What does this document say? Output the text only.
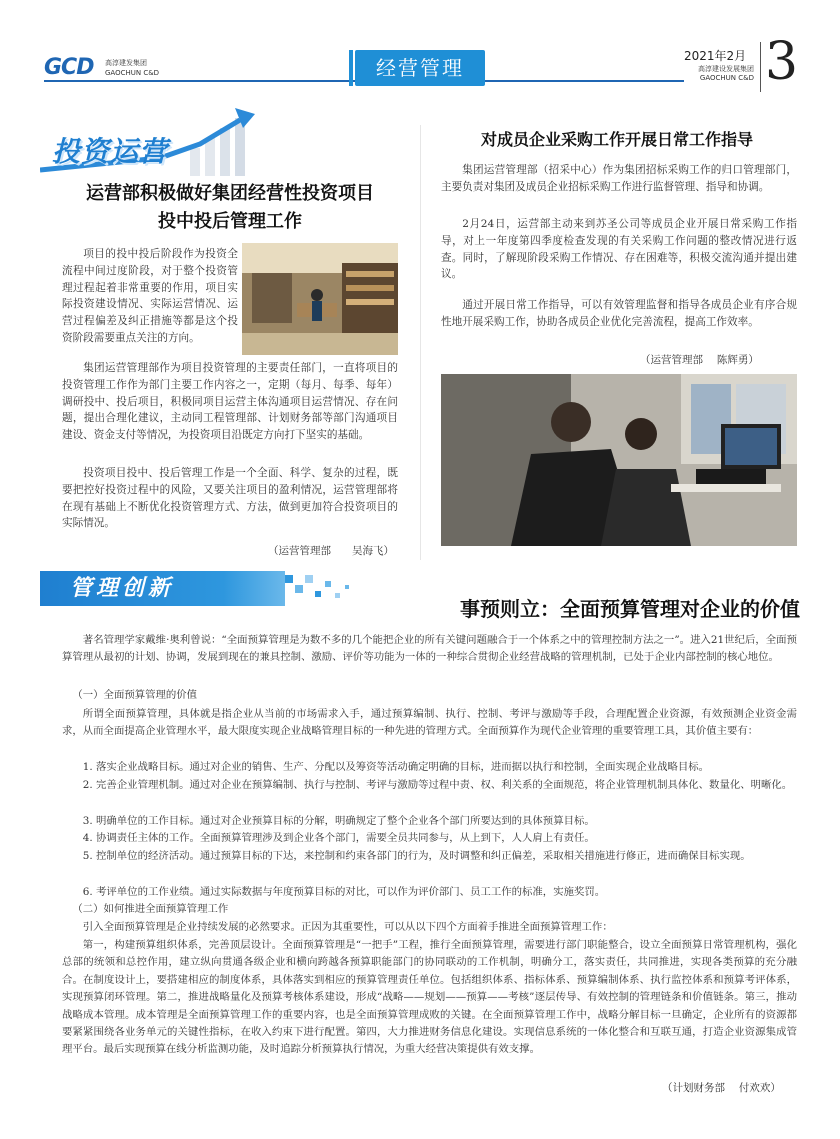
GCD 高淳建发集团
GAOCHUN C&D	经营管理	2021年2月
高淳建设发展集团
GAOCHUN C&D 3
投资运营
运营部积极做好集团经营性投资项目
投中投后管理工作
项目的投中投后阶段作为投资全流程中间过度阶段，对于整个投资管理过程起着非常重要的作用，项目实际投资建设情况、实际运营情况、运营过程偏差及纠正措施等都是这个投资阶段需要重点关注的方向。
集团运营管理部作为项目投资管理的主要责任部门，一直将项目的投资管理工作作为部门主要工作内容之一，定期（每月、每季、每年）调研投中、投后项目，积极同项目运营主体沟通项目运营情况、存在问题，提出合理化建议，主动同工程管理部、计划财务部等部门沟通项目建设、资金支付等情况，为投资项目沿既定方向打下坚实的基础。
投资项目投中、投后管理工作是一个全面、科学、复杂的过程，既要把控好投资过程中的风险，又要关注项目的盈利情况，运营管理部将在现有基础上不断优化投资管理方式、方法，做到更加符合投资项目的实际情况。
（运营管理部　　吴海飞）
对成员企业采购工作开展日常工作指导
集团运营管理部（招采中心）作为集团招标采购工作的归口管理部门，主要负责对集团及成员企业招标采购工作进行监督管理、指导和协调。
2月24日，运营部主动来到苏圣公司等成员企业开展日常采购工作指导，对上一年度第四季度检查发现的有关采购工作问题的整改情况进行返查。同时，了解现阶段采购工作情况、存在困难等，积极交流沟通并提出建议。
通过开展日常工作指导，可以有效管理监督和指导各成员企业有序合规性地开展采购工作，协助各成员企业优化完善流程，提高工作效率。
（运营管理部　 陈辉勇）
管理创新
事预则立：全面预算管理对企业的价值
著名管理学家戴维·奥利曾说：“全面预算管理是为数不多的几个能把企业的所有关键问题融合于一个体系之中的管理控制方法之一”。进入21世纪后，全面预算管理从最初的计划、协调，发展到现在的兼具控制、激励、评价等功能为一体的一种综合贯彻企业经营战略的管理机制，已处于企业内部控制的核心地位。
（一）全面预算管理的价值
所谓全面预算管理，具体就是指企业从当前的市场需求入手，通过预算编制、执行、控制、考评与激励等手段，合理配置企业资源，有效预测企业资金需求，从而全面提高企业管理水平，最大限度实现企业战略管理目标的一种先进的管理方式。全面预算作为现代企业管理的重要管理工具，其价值主要有：
1. 落实企业战略目标。通过对企业的销售、生产、分配以及筹资等活动确定明确的目标，进而据以执行和控制，全面实现企业战略目标。
2. 完善企业管理机制。通过对企业在预算编制、执行与控制、考评与激励等过程中责、权、利关系的全面规范，将企业管理机制具体化、数量化、明晰化。
3. 明确单位的工作目标。通过对企业预算目标的分解，明确规定了整个企业各个部门所要达到的具体预算目标。
4. 协调责任主体的工作。全面预算管理涉及到企业各个部门，需要全员共同参与，从上到下，人人肩上有责任。
5. 控制单位的经济活动。通过预算目标的下达，来控制和约束各部门的行为，及时调整和纠正偏差，采取相关措施进行修正，进而确保目标实现。
6. 考评单位的工作业绩。通过实际数据与年度预算目标的对比，可以作为评价部门、员工工作的标准，实施奖罚。
（二）如何推进全面预算管理工作
引入全面预算管理是企业持续发展的必然要求。正因为其重要性，可以从以下四个方面着手推进全面预算管理工作：
第一，构建预算组织体系，完善顶层设计。全面预算管理是“一把手”工程，推行全面预算管理，需要进行部门职能整合，设立全面预算日常管理机构，强化总部的统领和总控作用，建立纵向贯通各级企业和横向跨越各预算职能部门的协同联动的工作机制，明确分工，落实责任，共同推进，实现各类预算的充分融合。在制度设计上，要搭建相应的制度体系，具体落实到相应的预算管理责任单位。包括组织体系、指标体系、预算编制体系、执行监控体系和预算考评体系，实现预算闭环管理。第二，推进战略量化及预算考核体系建设，形成“战略——规划——预算——考核”逐层传导、有效控制的管理链条和价值链条。第三，推动战略成本管理。成本管理是全面预算管理工作的重要内容，也是全面预算管理成败的关键。在全面预算管理工作中，战略分解目标一旦确定，企业所有的资源都要紧紧围绕各业务单元的关键性指标，在收入约束下进行配置。第四，大力推进财务信息化建设。实现信息系统的一体化整合和互联互通，打造企业资源集成管理平台。最后实现预算在线分析监测功能，及时追踪分析预算执行情况，为重大经营决策提供有效支撑。
（计划财务部　 付欢欢）
